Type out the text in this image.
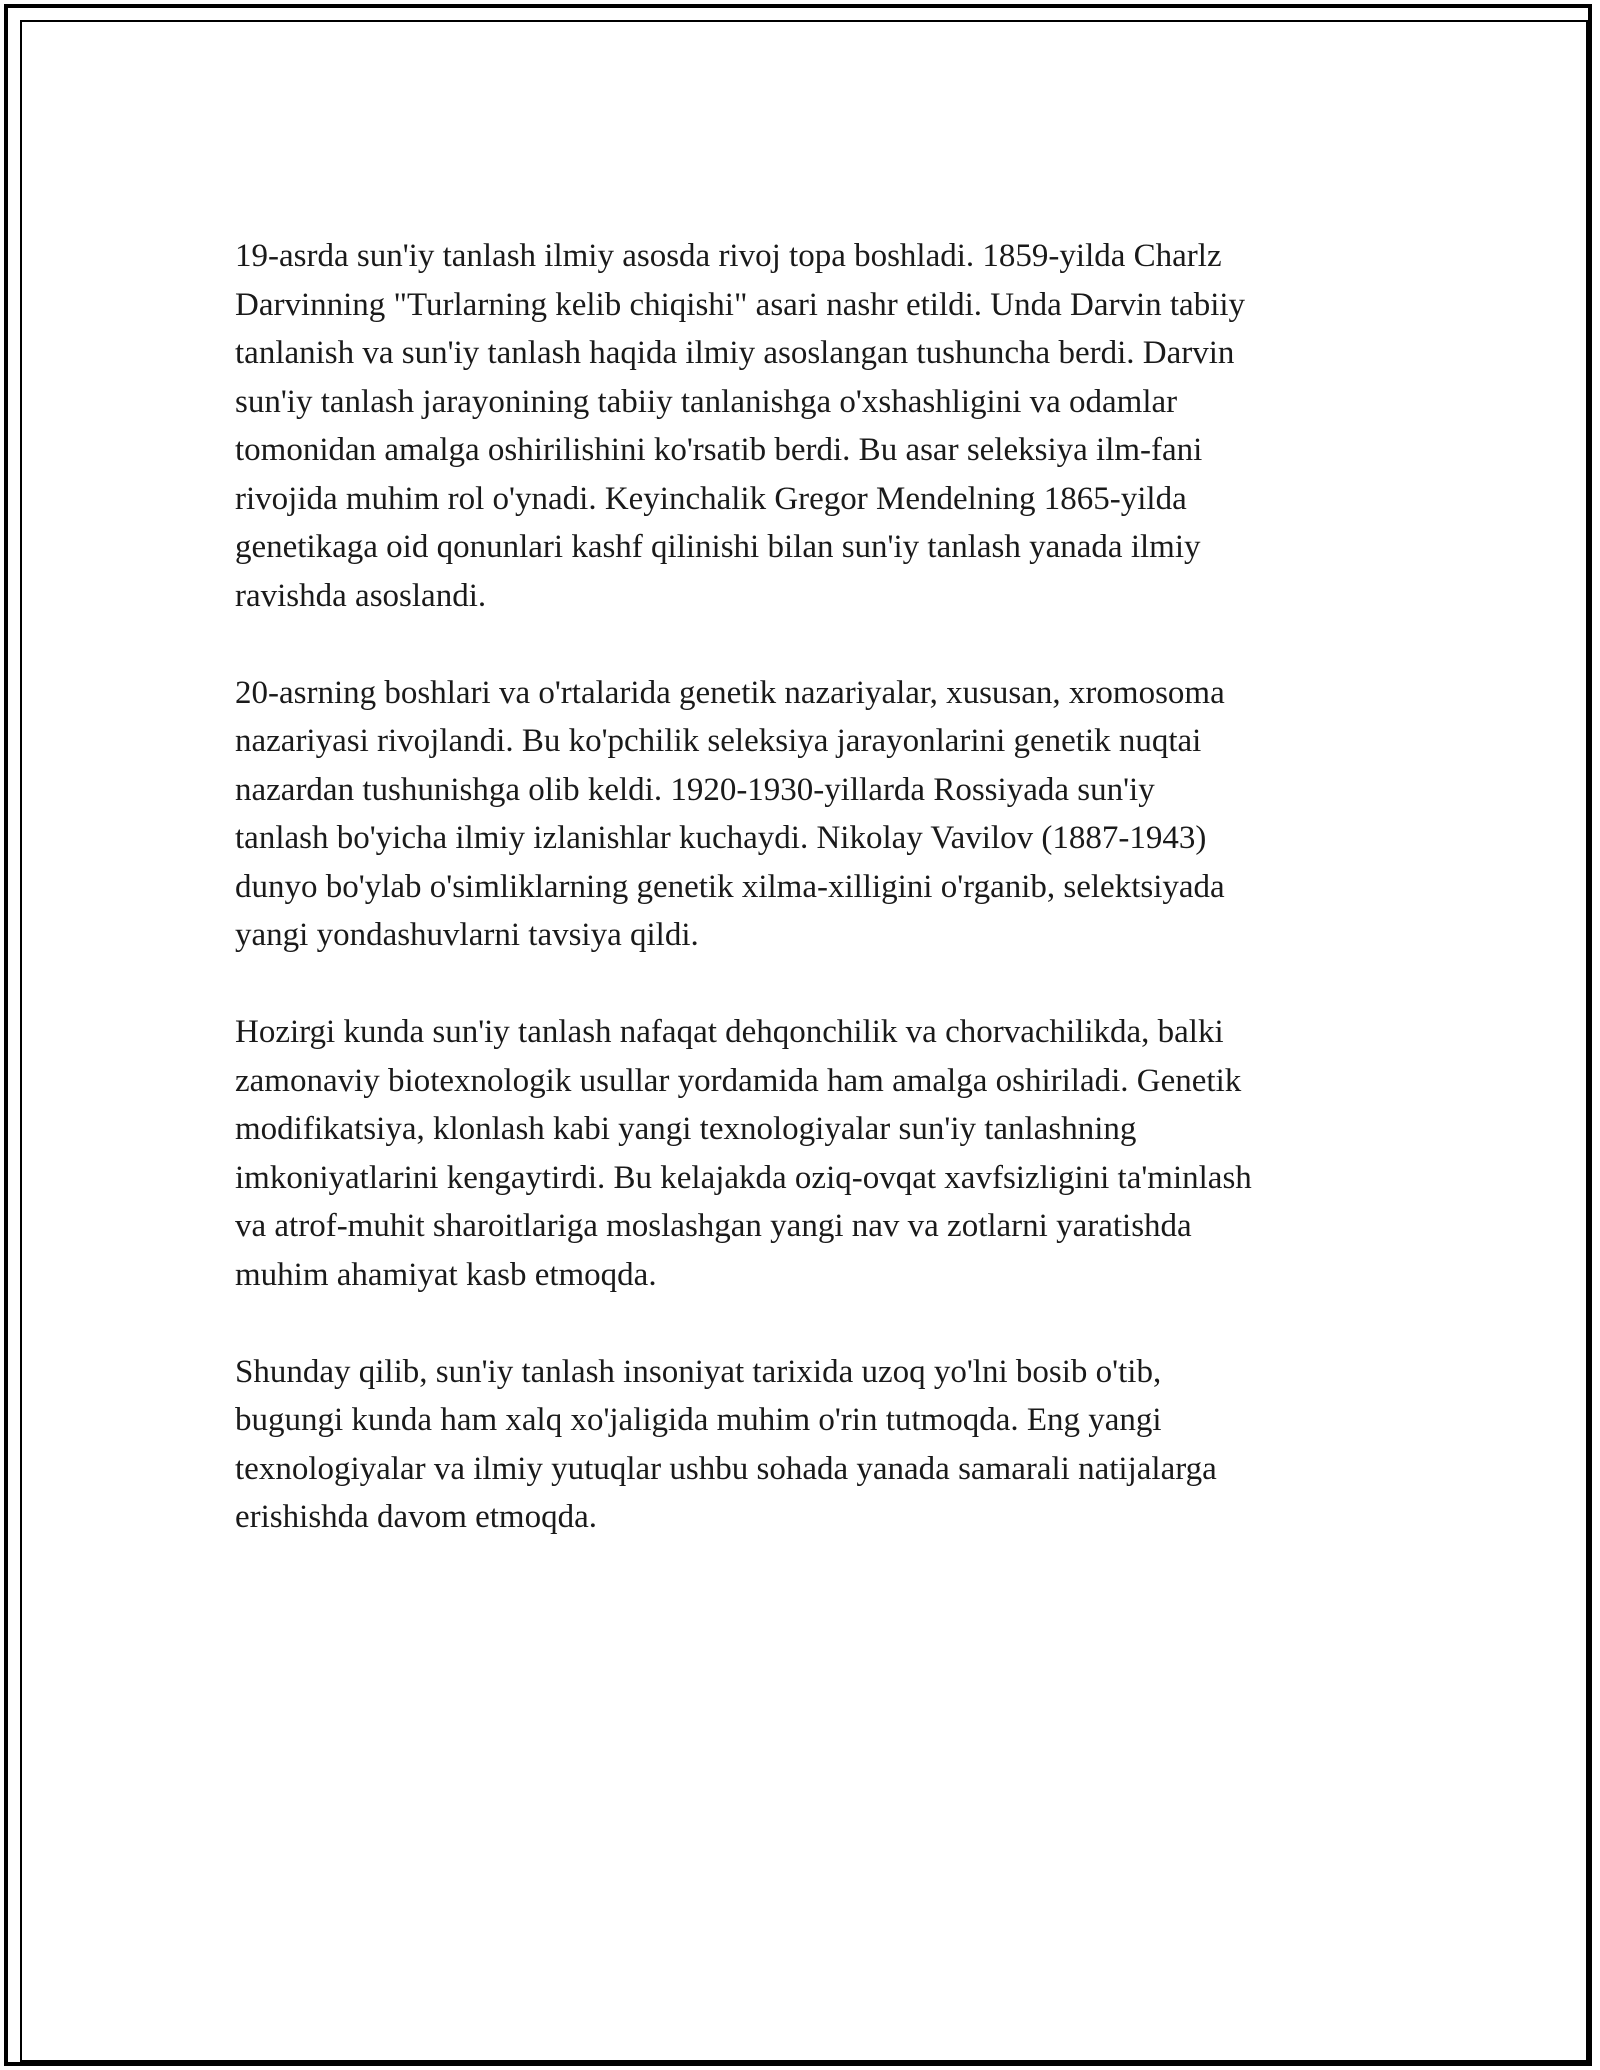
19-asrda sun'iy tanlash ilmiy asosda rivoj topa boshladi. 1859-yilda Charlz
Darvinning "Turlarning kelib chiqishi" asari nashr etildi. Unda Darvin tabiiy
tanlanish va sun'iy tanlash haqida ilmiy asoslangan tushuncha berdi. Darvin
sun'iy tanlash jarayonining tabiiy tanlanishga o'xshashligini va odamlar
tomonidan amalga oshirilishini ko'rsatib berdi. Bu asar seleksiya ilm-fani
rivojida muhim rol o'ynadi. Keyinchalik Gregor Mendelning 1865-yilda
genetikaga oid qonunlari kashf qilinishi bilan sun'iy tanlash yanada ilmiy
ravishda asoslandi.

20-asrning boshlari va o'rtalarida genetik nazariyalar, xususan, xromosoma
nazariyasi rivojlandi. Bu ko'pchilik seleksiya jarayonlarini genetik nuqtai
nazardan tushunishga olib keldi. 1920-1930-yillarda Rossiyada sun'iy
tanlash bo'yicha ilmiy izlanishlar kuchaydi. Nikolay Vavilov (1887-1943)
dunyo bo'ylab o'simliklarning genetik xilma-xilligini o'rganib, selektsiyada
yangi yondashuvlarni tavsiya qildi.

Hozirgi kunda sun'iy tanlash nafaqat dehqonchilik va chorvachilikda, balki
zamonaviy biotexnologik usullar yordamida ham amalga oshiriladi. Genetik
modifikatsiya, klonlash kabi yangi texnologiyalar sun'iy tanlashning
imkoniyatlarini kengaytirdi. Bu kelajakda oziq-ovqat xavfsizligini ta'minlash
va atrof-muhit sharoitlariga moslashgan yangi nav va zotlarni yaratishda
muhim ahamiyat kasb etmoqda.

Shunday qilib, sun'iy tanlash insoniyat tarixida uzoq yo'lni bosib o'tib,
bugungi kunda ham xalq xo'jaligida muhim o'rin tutmoqda. Eng yangi
texnologiyalar va ilmiy yutuqlar ushbu sohada yanada samarali natijalarga
erishishda davom etmoqda.
